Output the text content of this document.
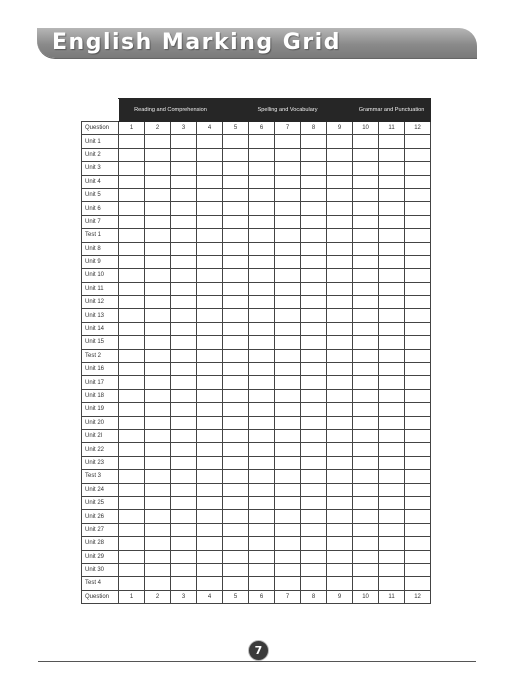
English Marking Grid
	Reading and Comprehension				Spelling and Vocabulary					Grammar and Punctuation		
Question	1	2	3	4	5	6	7	8	9	10	11	12
Unit 1												
Unit 2												
Unit 3												
Unit 4												
Unit 5												
Unit 6												
Unit 7												
Test 1												
Unit 8												
Unit 9												
Unit 10												
Unit 11												
Unit 12												
Unit 13												
Unit 14												
Unit 15												
Test 2												
Unit 16												
Unit 17												
Unit 18												
Unit 19												
Unit 20												
Unit 2l												
Unit 22												
Unit 23												
Test 3												
Unit 24												
Unit 25												
Unit 26												
Unit 27												
Unit 28												
Unit 29												
Unit 30												
Test 4												
Question	1	2	3	4	5	6	7	8	9	10	11	12
7
